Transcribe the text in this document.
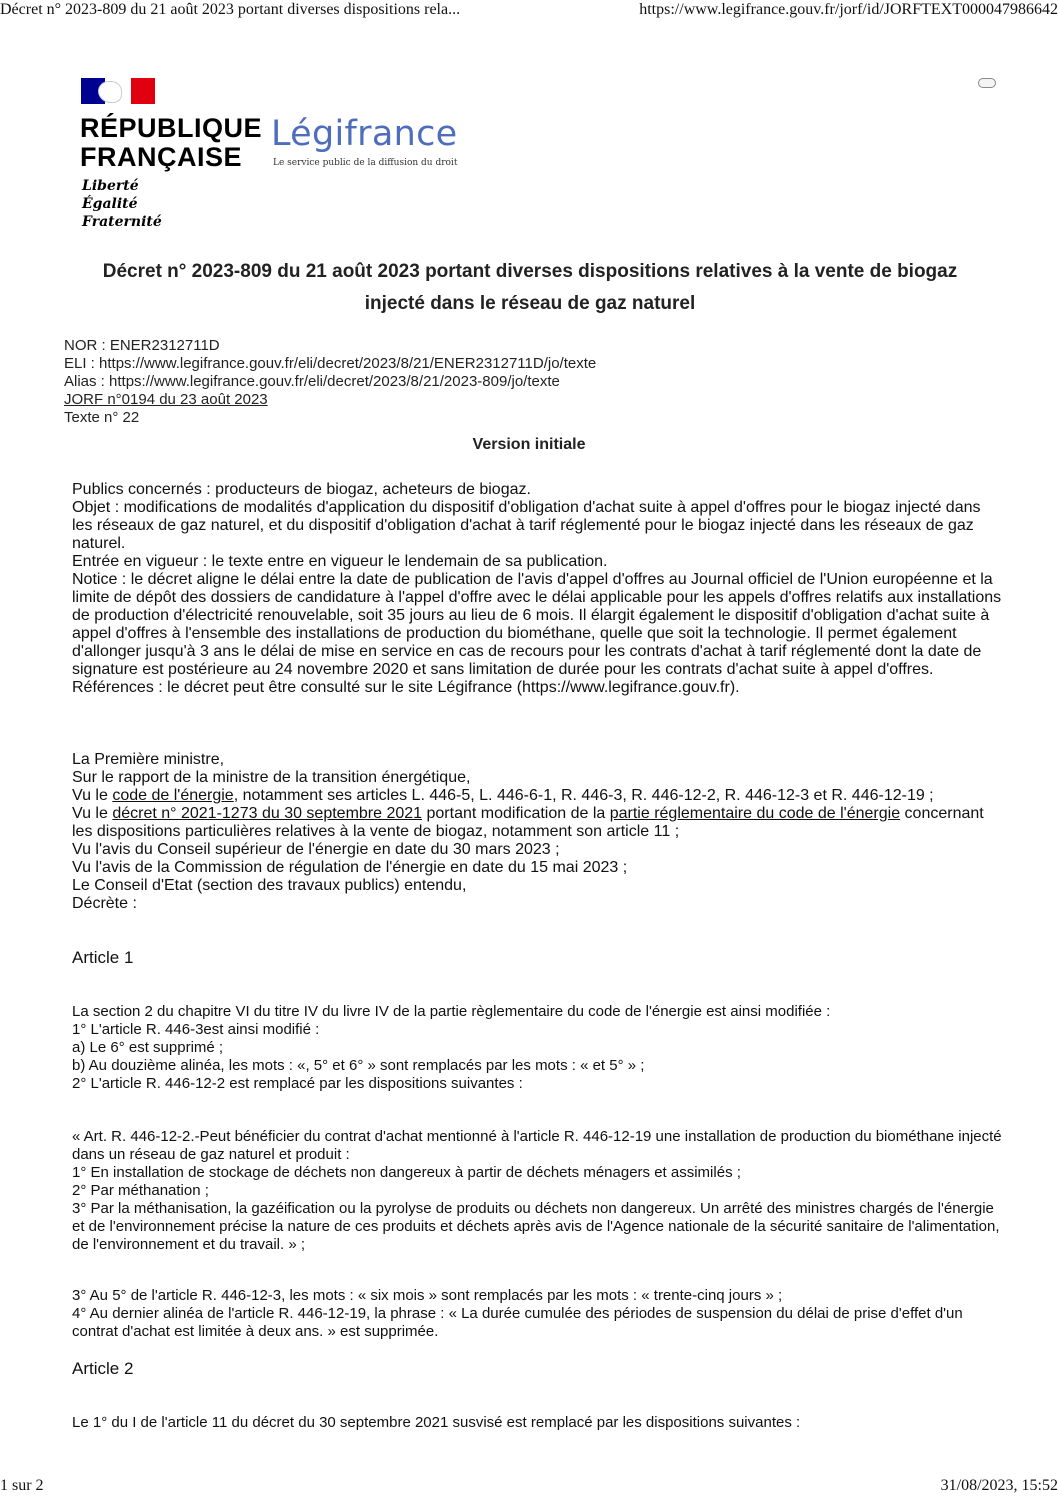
Décret n° 2023-809 du 21 août 2023 portant diverses dispositions rela...	https://www.legifrance.gouv.fr/jorf/id/JORFTEXT000047986642
RÉPUBLIQUE
FRANÇAISE
Liberté
Égalité
Fraternité
Légifrance
Le service public de la diffusion du droit
Décret n° 2023-809 du 21 août 2023 portant diverses dispositions relatives à la vente de biogaz injecté dans le réseau de gaz naturel
NOR : ENER2312711D
ELI : https://www.legifrance.gouv.fr/eli/decret/2023/8/21/ENER2312711D/jo/texte
Alias : https://www.legifrance.gouv.fr/eli/decret/2023/8/21/2023-809/jo/texte
JORF n°0194 du 23 août 2023
Texte n° 22
Version initiale

Publics concernés : producteurs de biogaz, acheteurs de biogaz.

Objet : modifications de modalités d'application du dispositif d'obligation d'achat suite à appel d'offres pour le biogaz injecté dans les réseaux de gaz naturel, et du dispositif d'obligation d'achat à tarif réglementé pour le biogaz injecté dans les réseaux de gaz naturel.

Entrée en vigueur : le texte entre en vigueur le lendemain de sa publication.

Notice : le décret aligne le délai entre la date de publication de l'avis d'appel d'offres au Journal officiel de l'Union européenne et la limite de dépôt des dossiers de candidature à l'appel d'offre avec le délai applicable pour les appels d'offres relatifs aux installations de production d'électricité renouvelable, soit 35 jours au lieu de 6 mois. Il élargit également le dispositif d'obligation d'achat suite à appel d'offres à l'ensemble des installations de production du biométhane, quelle que soit la technologie. Il permet également d'allonger jusqu'à 3 ans le délai de mise en service en cas de recours pour les contrats d'achat à tarif réglementé dont la date de signature est postérieure au 24 novembre 2020 et sans limitation de durée pour les contrats d'achat suite à appel d'offres.

Références : le décret peut être consulté sur le site Légifrance (https://www.legifrance.gouv.fr).

La Première ministre,

Sur le rapport de la ministre de la transition énergétique,

Vu le code de l'énergie, notamment ses articles L. 446-5, L. 446-6-1, R. 446-3, R. 446-12-2, R. 446-12-3 et R. 446-12-19 ;

Vu le décret n° 2021-1273 du 30 septembre 2021 portant modification de la partie réglementaire du code de l'énergie concernant les dispositions particulières relatives à la vente de biogaz, notamment son article 11 ;

Vu l'avis du Conseil supérieur de l'énergie en date du 30 mars 2023 ;

Vu l'avis de la Commission de régulation de l'énergie en date du 15 mai 2023 ;

Le Conseil d'Etat (section des travaux publics) entendu,

Décrète :

Article 1

La section 2 du chapitre VI du titre IV du livre IV de la partie règlementaire du code de l'énergie est ainsi modifiée :

1° L'article R. 446-3est ainsi modifié :

a) Le 6° est supprimé ;

b) Au douzième alinéa, les mots : «, 5° et 6° » sont remplacés par les mots : « et 5° » ;

2° L'article R. 446-12-2 est remplacé par les dispositions suivantes :

« Art. R. 446-12-2.-Peut bénéficier du contrat d'achat mentionné à l'article R. 446-12-19 une installation de production du biométhane injecté dans un réseau de gaz naturel et produit :

1° En installation de stockage de déchets non dangereux à partir de déchets ménagers et assimilés ;

2° Par méthanation ;

3° Par la méthanisation, la gazéification ou la pyrolyse de produits ou déchets non dangereux. Un arrêté des ministres chargés de l'énergie et de l'environnement précise la nature de ces produits et déchets après avis de l'Agence nationale de la sécurité sanitaire de l'alimentation, de l'environnement et du travail. » ;

3° Au 5° de l'article R. 446-12-3, les mots : « six mois » sont remplacés par les mots : « trente-cinq jours » ;

4° Au dernier alinéa de l'article R. 446-12-19, la phrase : « La durée cumulée des périodes de suspension du délai de prise d'effet d'un contrat d'achat est limitée à deux ans. » est supprimée.

Article 2
Le 1° du I de l'article 11 du décret du 30 septembre 2021 susvisé est remplacé par les dispositions suivantes :
1 sur 2	31/08/2023, 15:52
